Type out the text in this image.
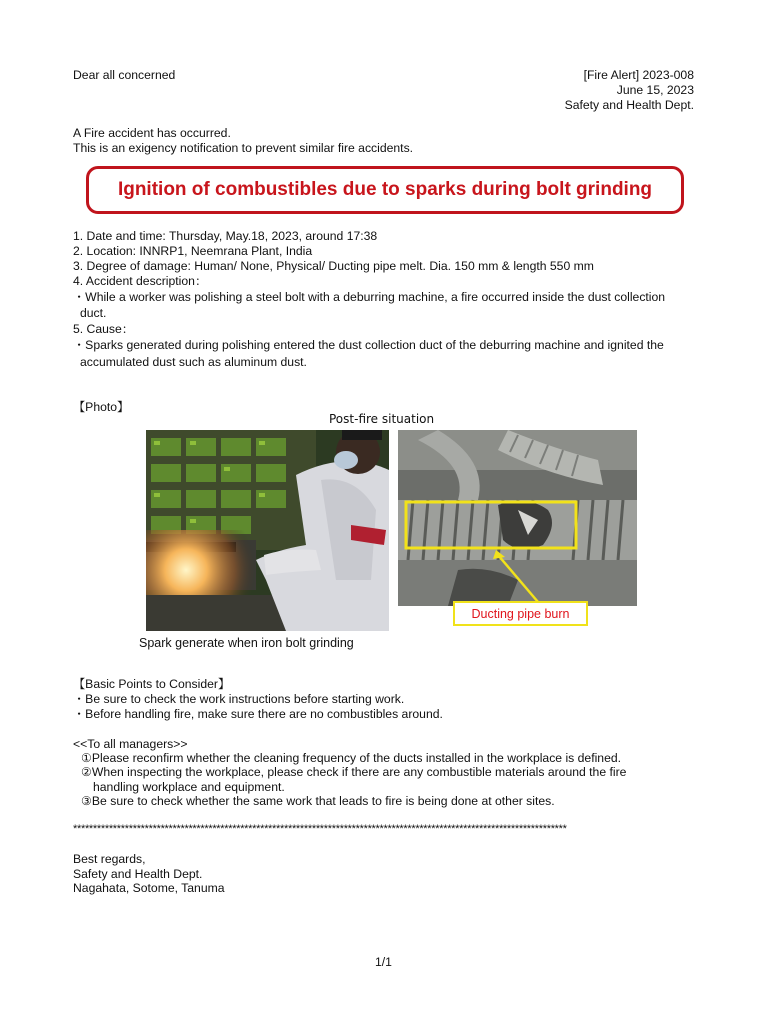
Dear all concerned	[Fire Alert] 2023-008
June 15, 2023
Safety and Health Dept.
A Fire accident has occurred.
This is an exigency notification to prevent similar fire accidents.
Ignition of combustibles due to sparks during bolt grinding
1. Date and time: Thursday, May.18, 2023, around 17:38
2. Location: INNRP1, Neemrana Plant, India
3. Degree of damage: Human/ None, Physical/ Ducting pipe melt. Dia. 150 mm & length 550 mm
4. Accident description：
・While a worker was polishing a steel bolt with a deburring machine, a fire occurred inside the dust collection
duct.
5. Cause：
・Sparks generated during polishing entered the dust collection duct of the deburring machine and ignited the
accumulated dust such as aluminum dust.
【Photo】
Post-fire situation
Ducting pipe burn
Spark generate when iron bolt grinding
【Basic Points to Consider】
・Be sure to check the work instructions before starting work.
・Before handling fire, make sure there are no combustibles around.
<<To all managers>>
①Please reconfirm whether the cleaning frequency of the ducts installed in the workplace is defined.
②When inspecting the workplace, please check if there are any combustible materials around the fire
handling workplace and equipment.
③Be sure to check whether the same work that leads to fire is being done at other sites.
****************************************************************************************************************************
Best regards,
Safety and Health Dept.
Nagahata, Sotome, Tanuma
1/1
